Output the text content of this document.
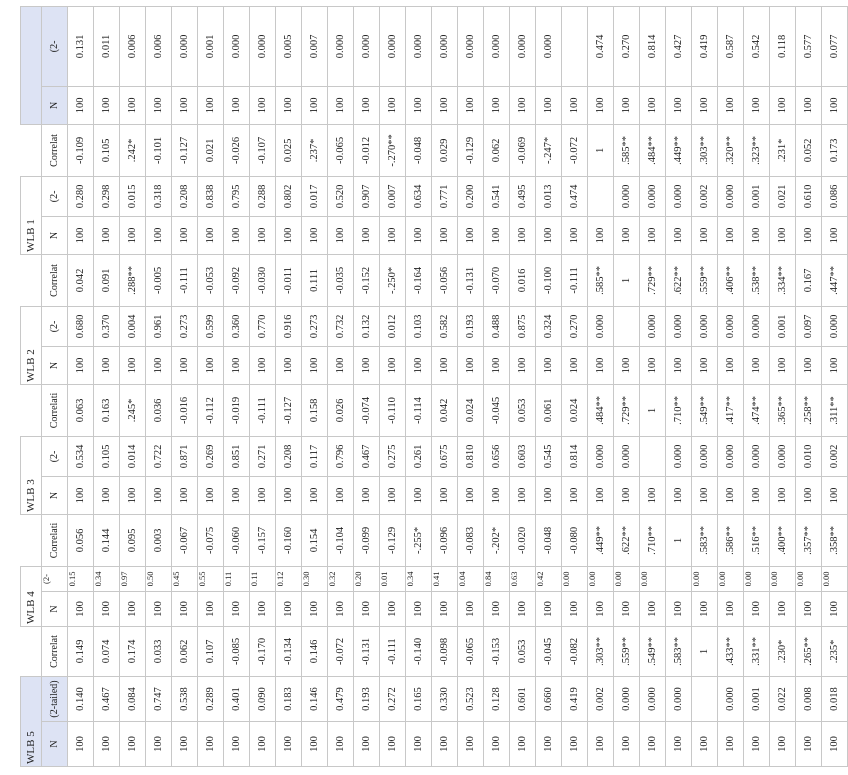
WLB 5			WLB 4			WLB 3			WLB 2			WLB 1				
N	(2-tailed)	Correlat	N	(2-	Correlati	N	(2-	Correlati	N	(2-	Correlat	N	(2-	Correlat	N	(2-
100	0.140	0.149	100	0.15	0.056	100	0.534	0.063	100	0.680	0.042	100	0.280	-0.109	100	0.131
100	0.467	0.074	100	0.34	0.144	100	0.105	0.163	100	0.370	0.091	100	0.298	0.105	100	0.011
100	0.084	0.174	100	0.97	0.095	100	0.014	.245*	100	0.004	.288**	100	0.015	.242*	100	0.006
100	0.747	0.033	100	0.50	0.003	100	0.722	0.036	100	0.961	-0.005	100	0.318	-0.101	100	0.006
100	0.538	0.062	100	0.45	-0.067	100	0.871	-0.016	100	0.273	-0.111	100	0.208	-0.127	100	0.000
100	0.289	0.107	100	0.55	-0.075	100	0.269	-0.112	100	0.599	-0.053	100	0.838	0.021	100	0.001
100	0.401	-0.085	100	0.11	-0.060	100	0.851	-0.019	100	0.360	-0.092	100	0.795	-0.026	100	0.000
100	0.090	-0.170	100	0.11	-0.157	100	0.271	-0.111	100	0.770	-0.030	100	0.288	-0.107	100	0.000
100	0.183	-0.134	100	0.12	-0.160	100	0.208	-0.127	100	0.916	-0.011	100	0.802	0.025	100	0.005
100	0.146	0.146	100	0.30	0.154	100	0.117	0.158	100	0.273	0.111	100	0.017	.237*	100	0.007
100	0.479	-0.072	100	0.32	-0.104	100	0.796	0.026	100	0.732	-0.035	100	0.520	-0.065	100	0.000
100	0.193	-0.131	100	0.20	-0.099	100	0.467	-0.074	100	0.132	-0.152	100	0.907	-0.012	100	0.000
100	0.272	-0.111	100	0.01	-0.129	100	0.275	-0.110	100	0.012	-.250*	100	0.007	-.270**	100	0.000
100	0.165	-0.140	100	0.34	-.255*	100	0.261	-0.114	100	0.103	-0.164	100	0.634	-0.048	100	0.000
100	0.330	-0.098	100	0.41	-0.096	100	0.675	0.042	100	0.582	-0.056	100	0.771	0.029	100	0.000
100	0.523	-0.065	100	0.04	-0.083	100	0.810	0.024	100	0.193	-0.131	100	0.200	-0.129	100	0.000
100	0.128	-0.153	100	0.84	-.202*	100	0.656	-0.045	100	0.488	-0.070	100	0.541	0.062	100	0.000
100	0.601	0.053	100	0.63	-0.020	100	0.603	0.053	100	0.875	0.016	100	0.495	-0.069	100	0.000
100	0.660	-0.045	100	0.42	-0.048	100	0.545	0.061	100	0.324	-0.100	100	0.013	-.247*	100	0.000
100	0.419	-0.082	100	0.00	-0.080	100	0.814	0.024	100	0.270	-0.111	100	0.474	-0.072	100	
100	0.002	.303**	100	0.00	.449**	100	0.000	.484**	100	0.000	.585**	100		1	100	0.474
100	0.000	.559**	100	0.00	.622**	100	0.000	.729**	100		1	100	0.000	.585**	100	0.270
100	0.000	.549**	100	0.00	.710**	100		1	100	0.000	.729**	100	0.000	.484**	100	0.814
100	0.000	.583**	100		1	100	0.000	.710**	100	0.000	.622**	100	0.000	.449**	100	0.427
100		1	100	0.00	.583**	100	0.000	.549**	100	0.000	.559**	100	0.002	.303**	100	0.419
100	0.000	.433**	100	0.00	.586**	100	0.000	.417**	100	0.000	.406**	100	0.000	.320**	100	0.587
100	0.001	.331**	100	0.00	.516**	100	0.000	.474**	100	0.000	.538**	100	0.001	.323**	100	0.542
100	0.022	.230*	100	0.00	.400**	100	0.000	.365**	100	0.001	.334**	100	0.021	.231*	100	0.118
100	0.008	.265**	100	0.00	.357**	100	0.010	.258**	100	0.097	0.167	100	0.610	0.052	100	0.577
100	0.018	.235*	100	0.00	.358**	100	0.002	.311**	100	0.000	.447**	100	0.086	0.173	100	0.077
